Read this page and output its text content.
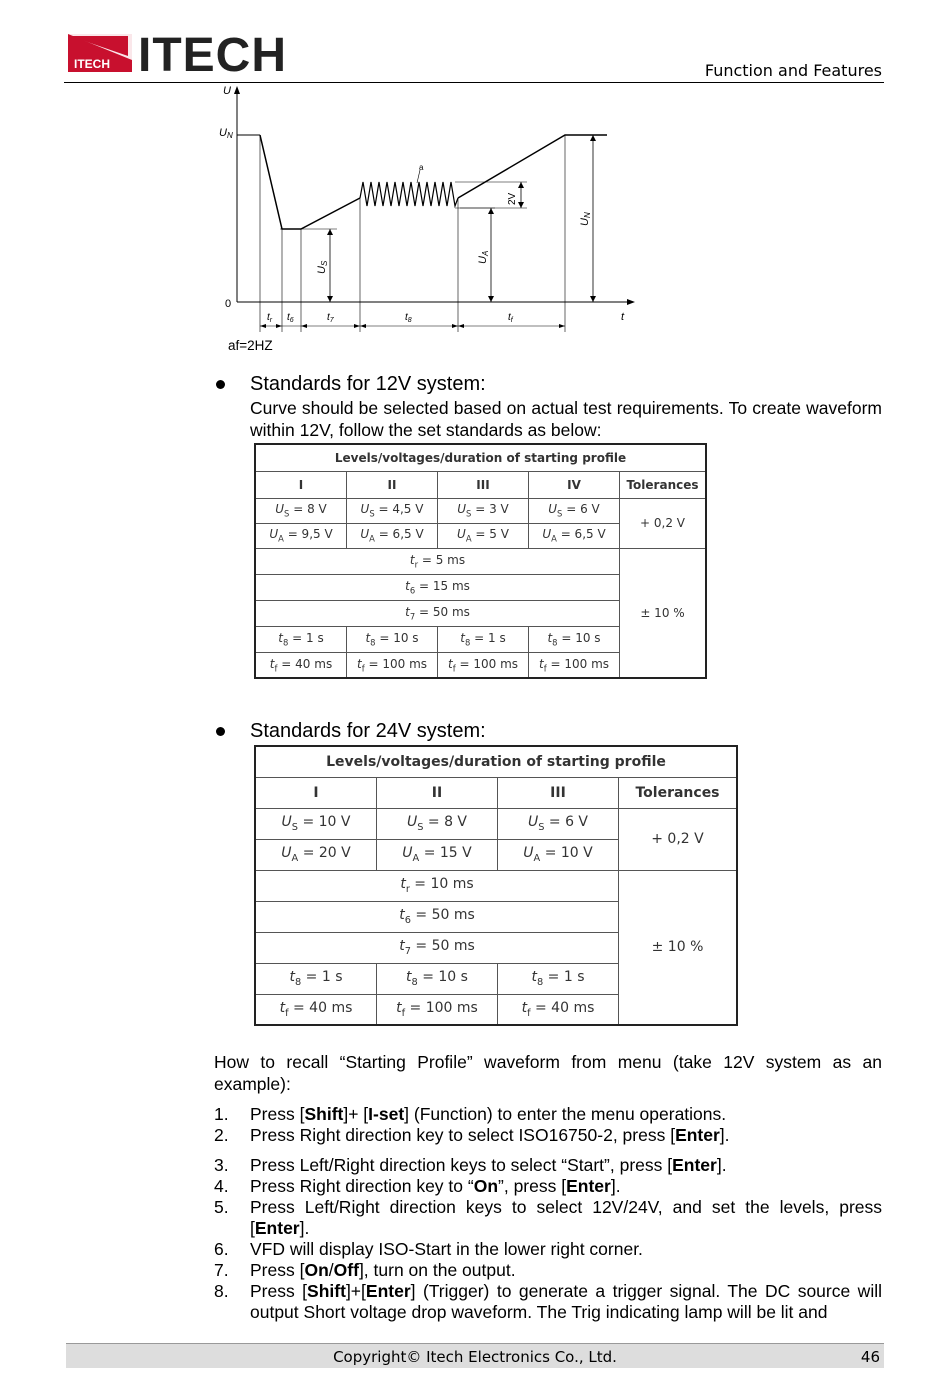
ITECH ITECH	Function and Features
U
UN
0
t
a
2V
US	UA
UN
$t_r$ $t_6$	$t_7$	$t_8$	$t_f$
af=2HZ
Standards for 12V system:
Curve should be selected based on actual test requirements. To create waveform within 12V, follow the set standards as below:
Levels/voltages/duration of starting profile				
I	II	III	IV	Tolerances
$U_S = 8$ V	$U_S = 4,5$ V	$U_S = 3$ V	$U_S = 6$ V	+ 0,2 V
$U_A = 9,5$ V	$U_A = 6,5$ V	$U_A = 5$ V	$U_A = 6,5$ V	
$t_r = 5$ ms				± 10 %
$t_6 = 15$ ms				
$t_7 = 50$ ms				
$t_8 = 1$ s	$t_8 = 10$ s	$t_8 = 1$ s	$t_8 = 10$ s	
$t_f = 40$ ms	$t_f = 100$ ms	$t_f = 100$ ms	$t_f = 100$ ms	
Standards for 24V system:
Levels/voltages/duration of starting profile			
I	II	III	Tolerances
$U_S = 10$ V	$U_S = 8$ V	$U_S = 6$ V	+ 0,2 V
$U_A = 20$ V	$U_A = 15$ V	$U_A = 10$ V	
$t_r = 10$ ms			± 10 %
$t_6 = 50$ ms			
$t_7 = 50$ ms			
$t_8 = 1$ s	$t_8 = 10$ s	$t_8 = 1$ s	
$t_f = 40$ ms	$t_f = 100$ ms	$t_f = 40$ ms	
How to recall “Starting Profile” waveform from menu (take 12V system as an example):
1.	Press [Shift]+ [I-set] (Function) to enter the menu operations.
2.	Press Right direction key to select ISO16750-2, press [Enter].
3.	Press Left/Right direction keys to select “Start”, press [Enter].
4.	Press Right direction key to “On”, press [Enter].
5.	Press Left/Right direction keys to select 12V/24V, and set the levels, press [Enter].
6.	VFD will display ISO-Start in the lower right corner.
7.	Press [On/Off], turn on the output.
8.	Press [Shift]+[Enter] (Trigger) to generate a trigger signal. The DC source will output Short voltage drop waveform. The Trig indicating lamp will be lit and
Copyright© Itech Electronics Co., Ltd.	46
